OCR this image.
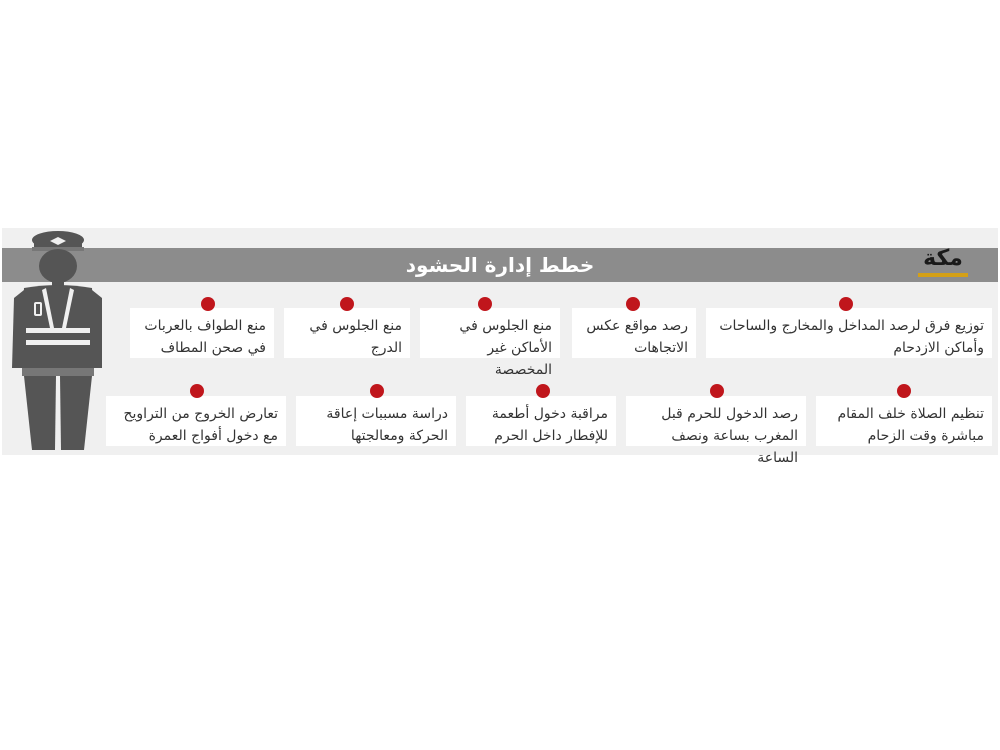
خطط إدارة الحشود	مكة
توزيع فرق لرصد المداخل والمخارج والساحات وأماكن الازدحام
رصد مواقع عكس الاتجاهات
منع الجلوس في الأماكن غير المخصصة
منع الجلوس في الدرج
منع الطواف بالعربات في صحن المطاف
تنظيم الصلاة خلف المقام مباشرة وقت الزحام
رصد الدخول للحرم قبل المغرب بساعة ونصف الساعة
مراقبة دخول أطعمة للإفطار داخل الحرم
دراسة مسببات إعاقة الحركة ومعالجتها
تعارض الخروج من التراويح مع دخول أفواج العمرة
